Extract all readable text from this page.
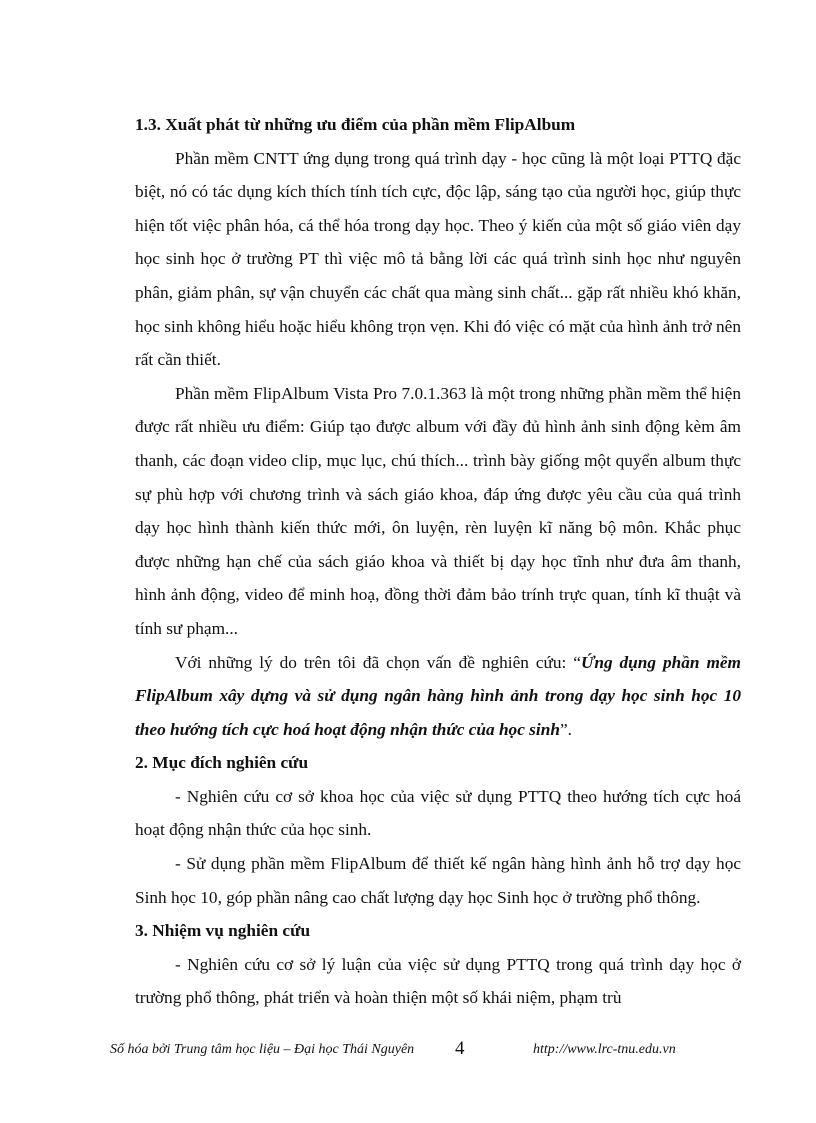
1.3. Xuất phát từ những ưu điểm của phần mềm FlipAlbum

Phần mềm CNTT ứng dụng trong quá trình dạy - học cũng là một loại PTTQ đặc biệt, nó có tác dụng kích thích tính tích cực, độc lập, sáng tạo của người học, giúp thực hiện tốt việc phân hóa, cá thể hóa trong dạy học. Theo ý kiến của một số giáo viên dạy học sinh học ở trường PT thì việc mô tả bằng lời các quá trình sinh học như nguyên phân, giảm phân, sự vận chuyển các chất qua màng sinh chất... gặp rất nhiều khó khăn, học sinh không hiểu hoặc hiểu không trọn vẹn. Khi đó việc có mặt của hình ảnh trở nên rất cần thiết.

Phần mềm FlipAlbum Vista Pro 7.0.1.363 là một trong những phần mềm thể hiện được rất nhiều ưu điểm: Giúp tạo được album với đầy đủ hình ảnh sinh động kèm âm thanh, các đoạn video clip, mục lục, chú thích... trình bày giống một quyển album thực sự phù hợp với chương trình và sách giáo khoa, đáp ứng được yêu cầu của quá trình dạy học hình thành kiến thức mới, ôn luyện, rèn luyện kĩ năng bộ môn. Khắc phục được những hạn chế của sách giáo khoa và thiết bị dạy học tĩnh như đưa âm thanh, hình ảnh động, video để minh hoạ, đồng thời đảm bảo trính trực quan, tính kĩ thuật và tính sư phạm...

Với những lý do trên tôi đã chọn vấn đề nghiên cứu: “Ứng dụng phần mềm FlipAlbum xây dựng và sử dụng ngân hàng hình ảnh trong dạy học sinh học 10 theo hướng tích cực hoá hoạt động nhận thức của học sinh”.

2. Mục đích nghiên cứu

- Nghiên cứu cơ sở khoa học của việc sử dụng PTTQ theo hướng tích cực hoá hoạt động nhận thức của học sinh.

- Sử dụng phần mềm FlipAlbum để thiết kế ngân hàng hình ảnh hỗ trợ dạy học Sinh học 10, góp phần nâng cao chất lượng dạy học Sinh học ở trường phổ thông.

3. Nhiệm vụ nghiên cứu

- Nghiên cứu cơ sở lý luận của việc sử dụng PTTQ trong quá trình dạy học ở trường phổ thông, phát triển và hoàn thiện một số khái niệm, phạm trù

Số hóa bởi Trung tâm học liệu – Đại học Thái Nguyên 4	http://www.lrc-tnu.edu.vn
